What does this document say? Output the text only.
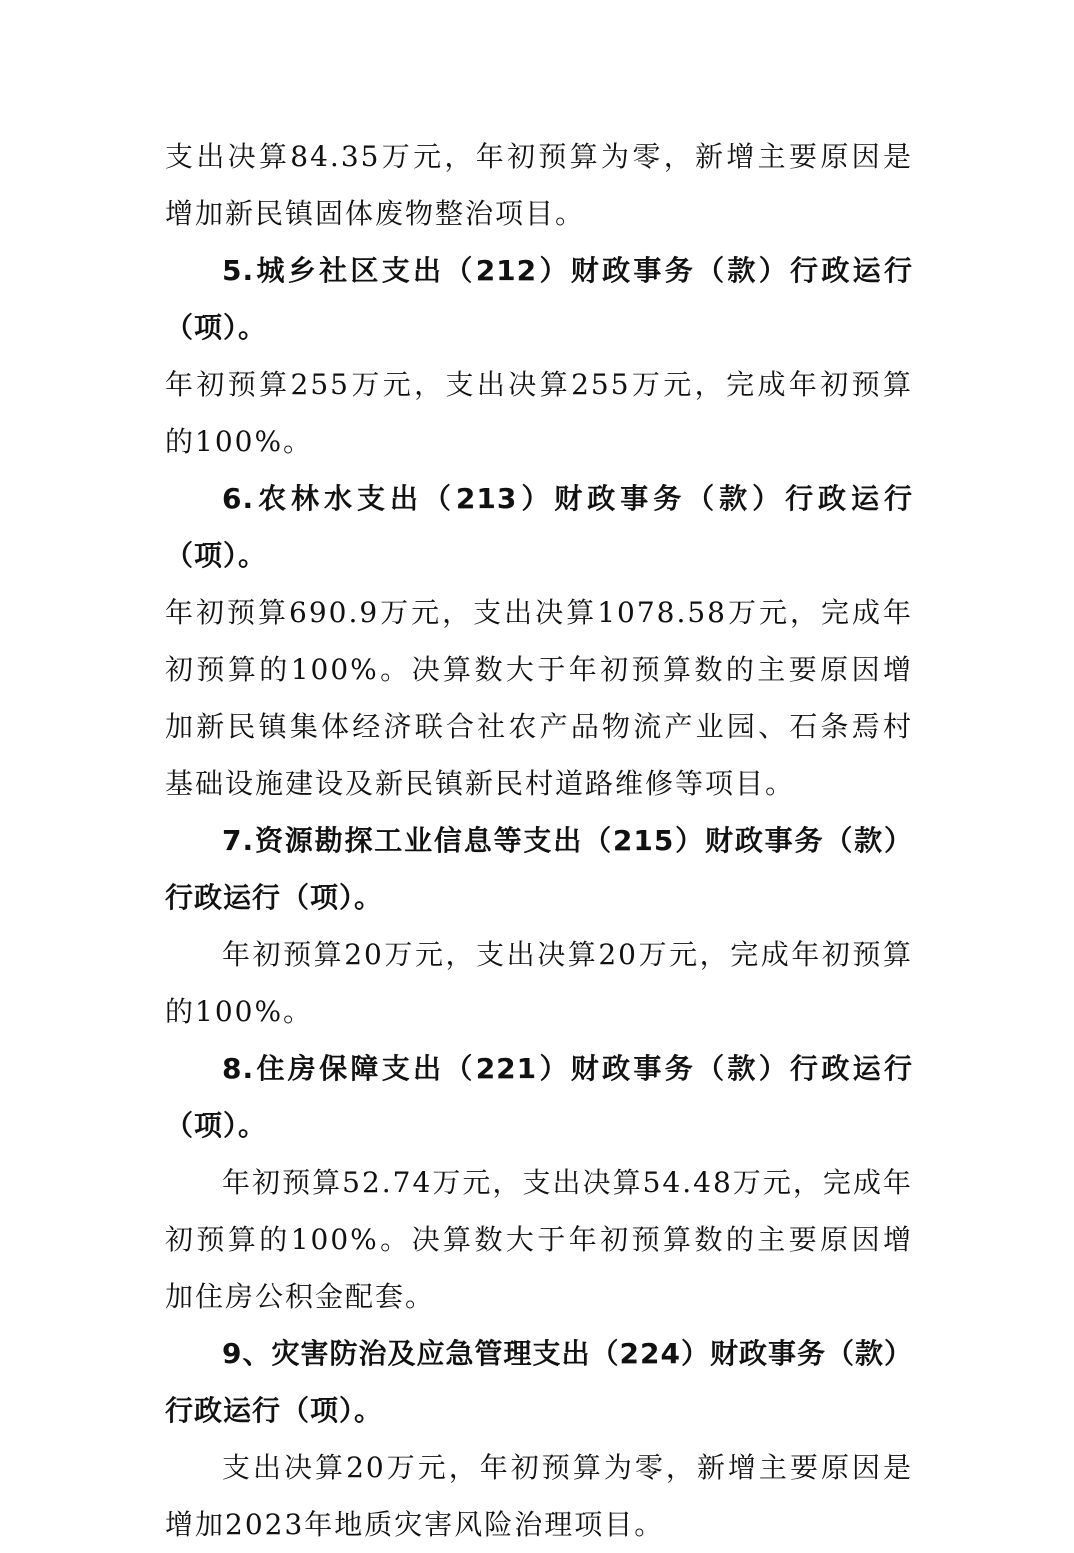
支出决算84.35万元，年初预算为零，新增主要原因是增加新民镇固体废物整治项目。

5.城乡社区支出（212）财政事务（款）行政运行（项）。

年初预算255万元，支出决算255万元，完成年初预算的100%。

6.农林水支出（213）财政事务（款）行政运行（项）。

年初预算690.9万元，支出决算1078.58万元，完成年初预算的100%。决算数大于年初预算数的主要原因增加新民镇集体经济联合社农产品物流产业园、石条焉村基础设施建设及新民镇新民村道路维修等项目。

7.资源勘探工业信息等支出（215）财政事务（款）行政运行（项）。

年初预算20万元，支出决算20万元，完成年初预算的100%。

8.住房保障支出（221）财政事务（款）行政运行（项）。

年初预算52.74万元，支出决算54.48万元，完成年初预算的100%。决算数大于年初预算数的主要原因增加住房公积金配套。

9、灾害防治及应急管理支出（224）财政事务（款）行政运行（项）。

支出决算20万元，年初预算为零，新增主要原因是增加2023年地质灾害风险治理项目。
